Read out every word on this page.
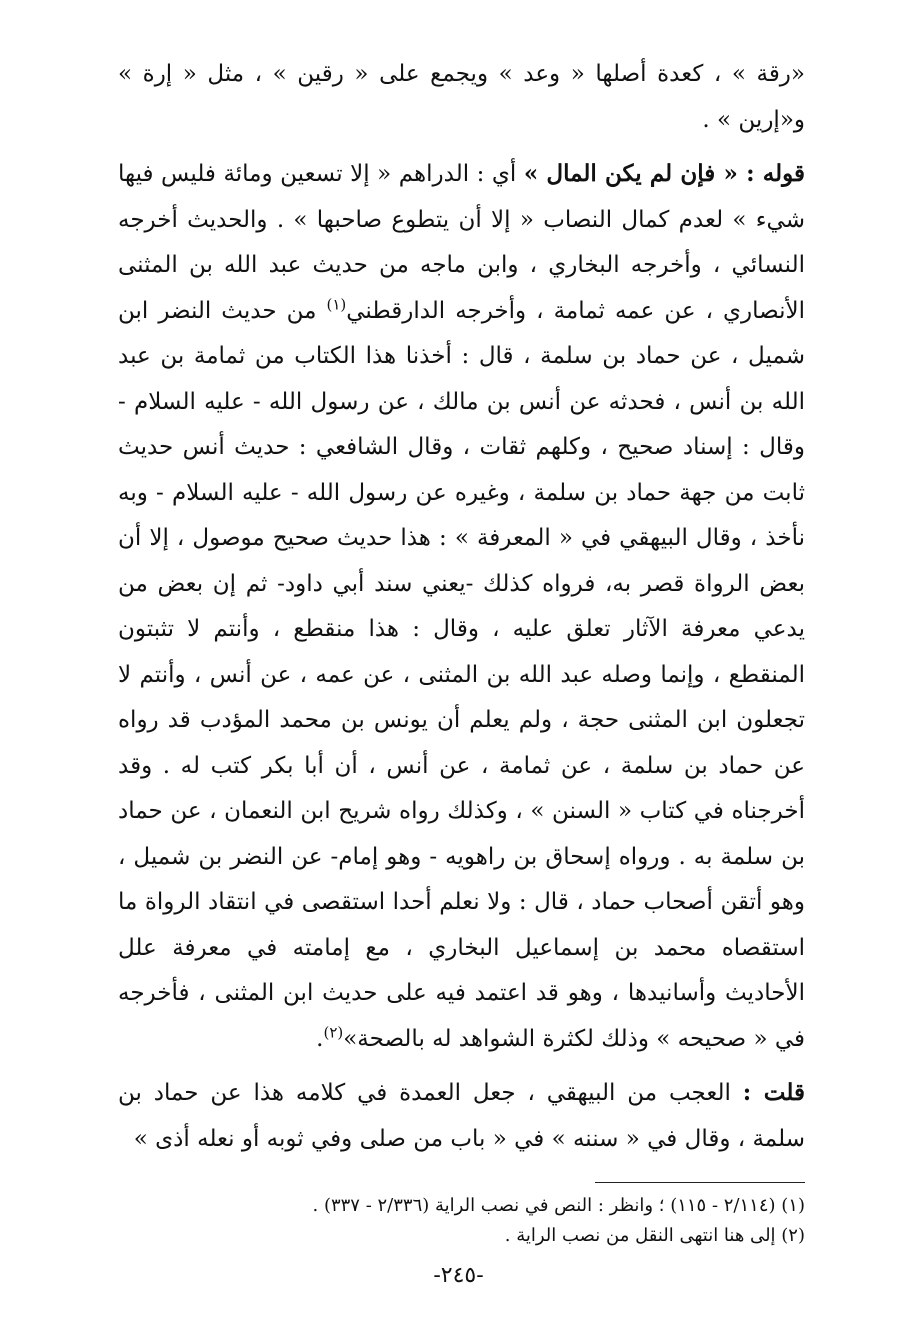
«رقة » ، كعدة أصلها « وعد » ويجمع على « رقين » ، مثل « إرة » و«إرين » .

قوله : « فإن لم يكن المال » أي : الدراهم « إلا تسعين ومائة فليس فيها شيء » لعدم كمال النصاب « إلا أن يتطوع صاحبها » . والحديث أخرجه النسائي ، وأخرجه البخاري ، وابن ماجه من حديث عبد الله بن المثنى الأنصاري ، عن عمه ثمامة ، وأخرجه الدارقطني$^{(١)}$ من حديث النضر ابن شميل ، عن حماد بن سلمة ، قال : أخذنا هذا الكتاب من ثمامة بن عبد الله بن أنس ، فحدثه عن أنس بن مالك ، عن رسول الله - عليه السلام - وقال : إسناد صحيح ، وكلهم ثقات ، وقال الشافعي : حديث أنس حديث ثابت من جهة حماد بن سلمة ، وغيره عن رسول الله - عليه السلام - وبه نأخذ ، وقال البيهقي في « المعرفة » : هذا حديث صحيح موصول ، إلا أن بعض الرواة قصر به، فرواه كذلك -يعني سند أبي داود- ثم إن بعض من يدعي معرفة الآثار تعلق عليه ، وقال : هذا منقطع ، وأنتم لا تثبتون المنقطع ، وإنما وصله عبد الله بن المثنى ، عن عمه ، عن أنس ، وأنتم لا تجعلون ابن المثنى حجة ، ولم يعلم أن يونس بن محمد المؤدب قد رواه عن حماد بن سلمة ، عن ثمامة ، عن أنس ، أن أبا بكر كتب له . وقد أخرجناه في كتاب « السنن » ، وكذلك رواه شريح ابن النعمان ، عن حماد بن سلمة به . ورواه إسحاق بن راهويه - وهو إمام- عن النضر بن شميل ، وهو أتقن أصحاب حماد ، قال : ولا نعلم أحدا استقصى في انتقاد الرواة ما استقصاه محمد بن إسماعيل البخاري ، مع إمامته في معرفة علل الأحاديث وأسانيدها ، وهو قد اعتمد فيه على حديث ابن المثنى ، فأخرجه في « صحيحه » وذلك لكثرة الشواهد له بالصحة»$^{(٢)}$.

قلت : العجب من البيهقي ، جعل العمدة في كلامه هذا عن حماد بن سلمة ، وقال في « سننه » في « باب من صلى وفي ثوبه أو نعله أذى »

(١) (٢/١١٤ - ١١٥) ؛ وانظر : النص في نصب الراية (٢/٣٣٦ - ٣٣٧) .

(٢) إلى هنا انتهى النقل من نصب الراية .

-٢٤٥-
